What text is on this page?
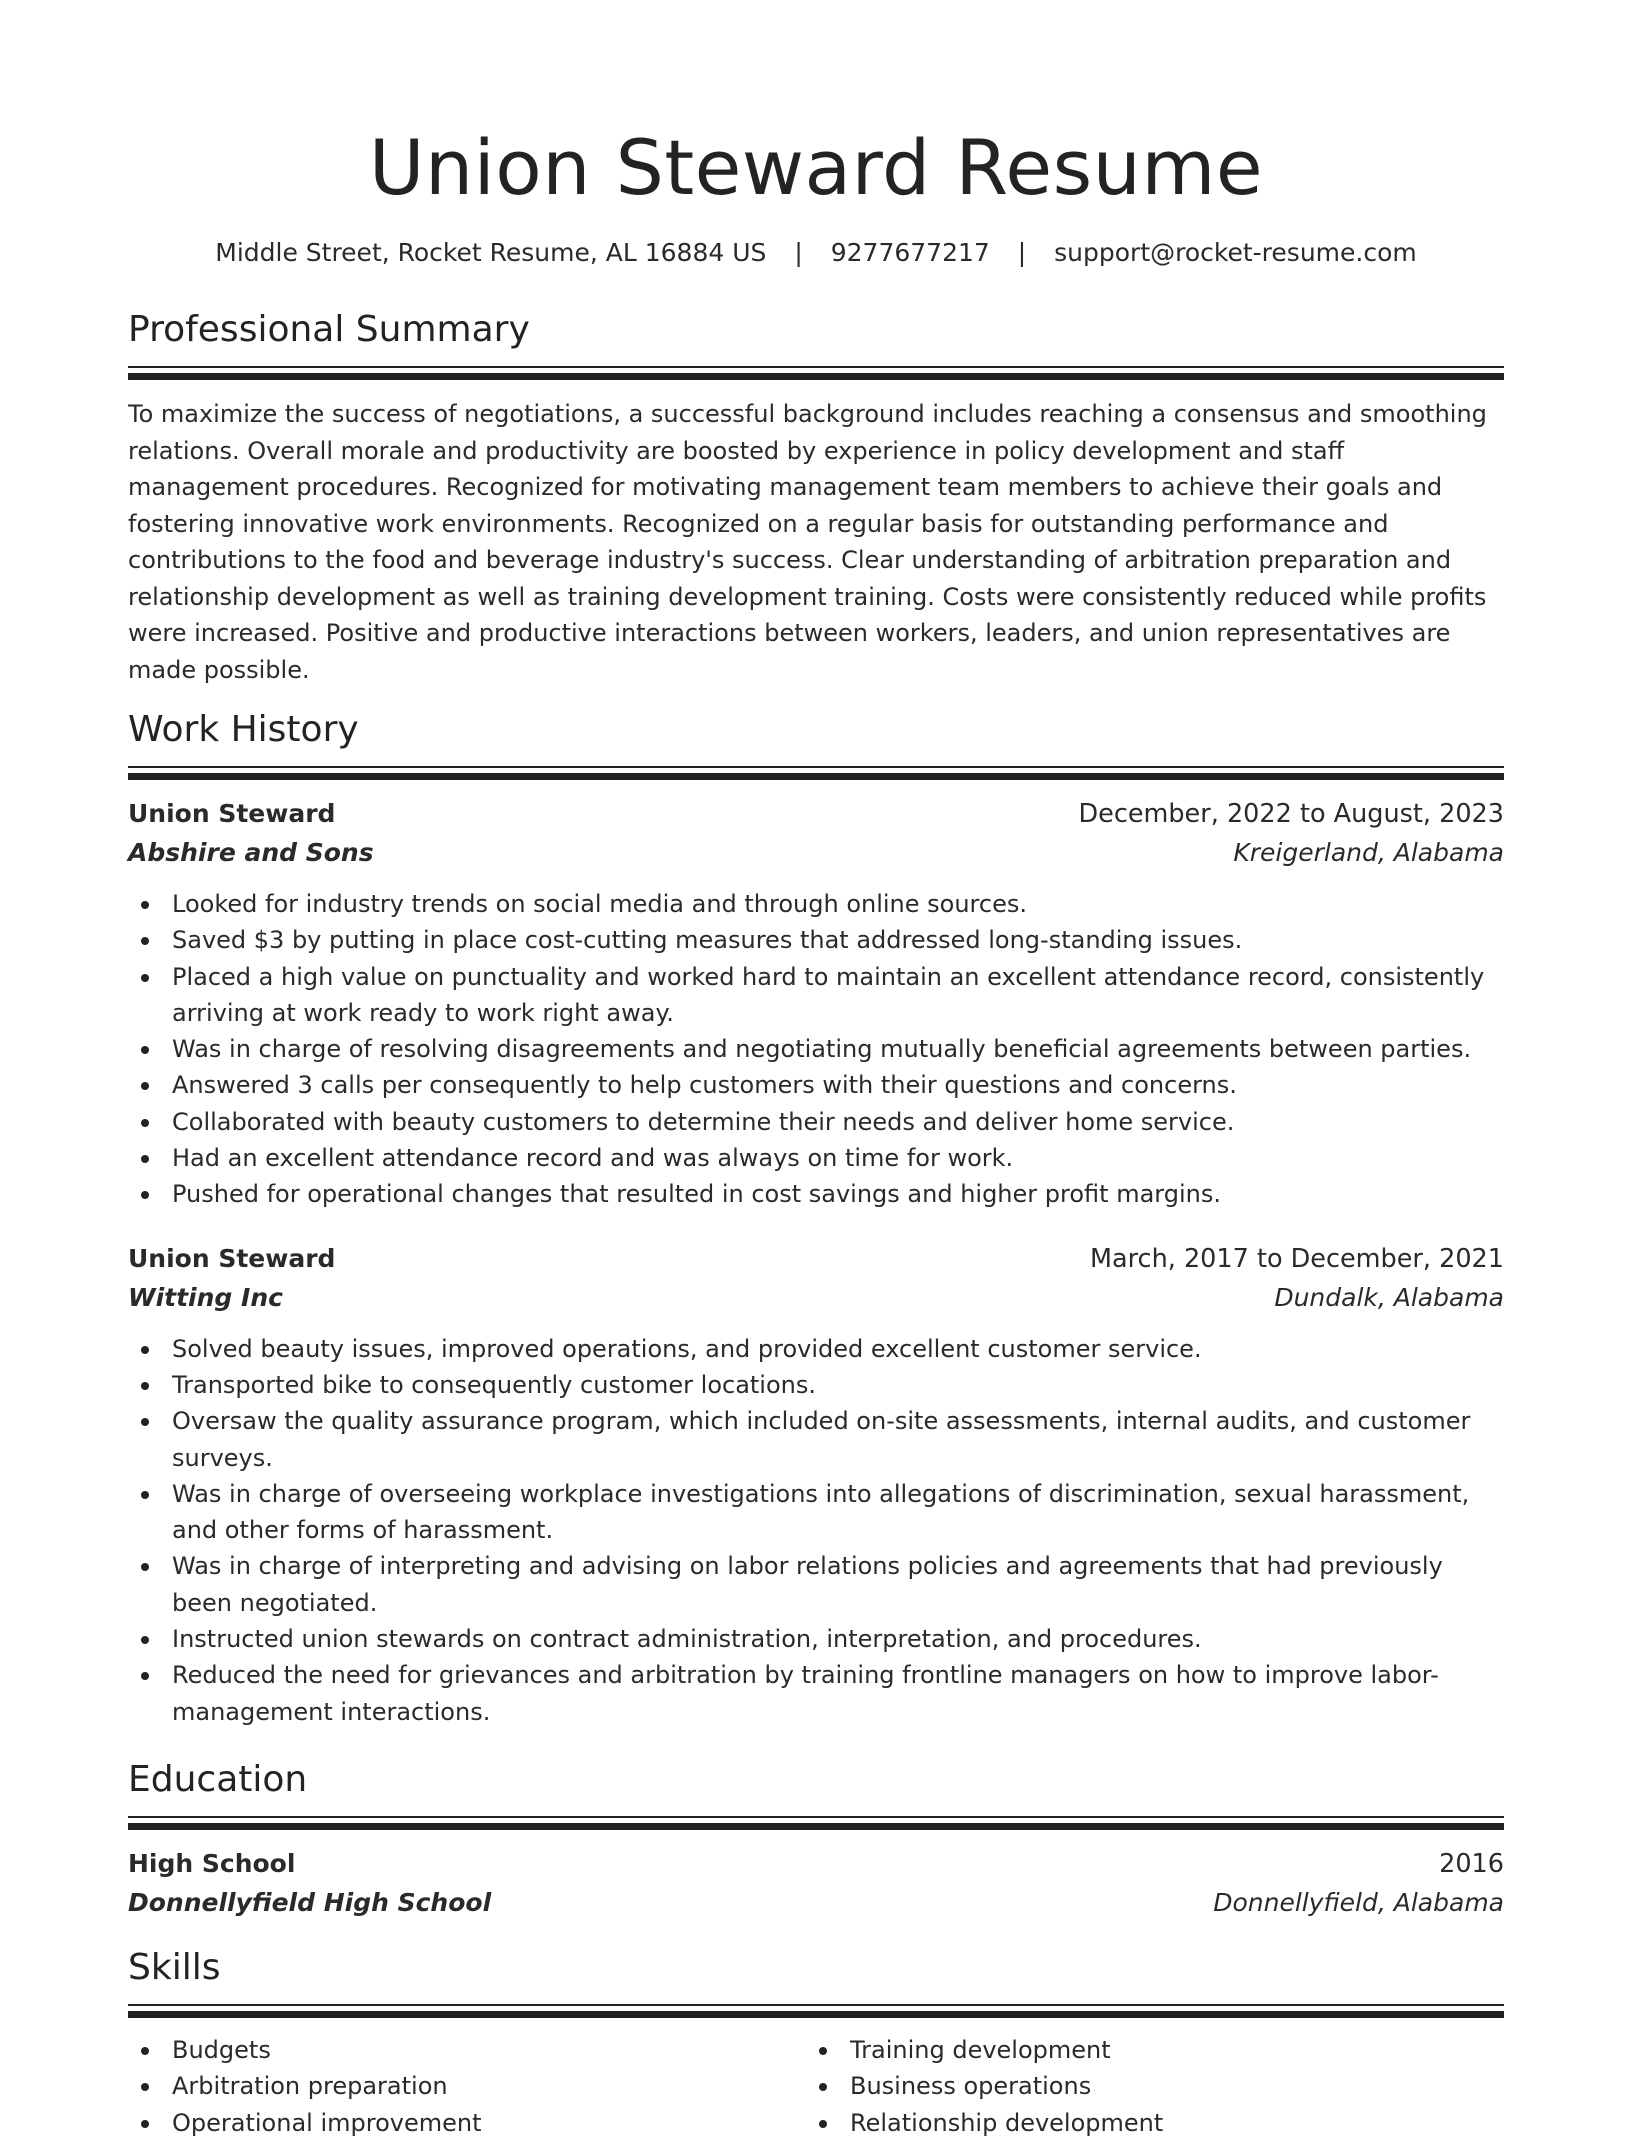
Union Steward Resume
Middle Street, Rocket Resume, AL 16884 US | 9277677217 | support@rocket-resume.com
Professional Summary

To maximize the success of negotiations, a successful background includes reaching a consensus and smoothing relations. Overall morale and productivity are boosted by experience in policy development and staff management procedures. Recognized for motivating management team members to achieve their goals and fostering innovative work environments. Recognized on a regular basis for outstanding performance and contributions to the food and beverage industry's success. Clear understanding of arbitration preparation and relationship development as well as training development training. Costs were consistently reduced while profits were increased. Positive and productive interactions between workers, leaders, and union representatives are made possible.

Work History
Union Steward	December, 2022 to August, 2023
Abshire and Sons	Kreigerland, Alabama
Looked for industry trends on social media and through online sources.
Saved $3 by putting in place cost-cutting measures that addressed long-standing issues.
Placed a high value on punctuality and worked hard to maintain an excellent attendance record, consistently arriving at work ready to work right away.
Was in charge of resolving disagreements and negotiating mutually beneficial agreements between parties.
Answered 3 calls per consequently to help customers with their questions and concerns.
Collaborated with beauty customers to determine their needs and deliver home service.
Had an excellent attendance record and was always on time for work.
Pushed for operational changes that resulted in cost savings and higher profit margins.
Union Steward	March, 2017 to December, 2021
Witting Inc	Dundalk, Alabama
Solved beauty issues, improved operations, and provided excellent customer service.
Transported bike to consequently customer locations.
Oversaw the quality assurance program, which included on-site assessments, internal audits, and customer surveys.
Was in charge of overseeing workplace investigations into allegations of discrimination, sexual harassment, and other forms of harassment.
Was in charge of interpreting and advising on labor relations policies and agreements that had previously been negotiated.
Instructed union stewards on contract administration, interpretation, and procedures.
Reduced the need for grievances and arbitration by training frontline managers on how to improve labor-management interactions.
Education
High School	2016
Donnellyfield High School	Donnellyfield, Alabama
Skills
Budgets
Arbitration preparation
Operational improvement
Training development
Business operations
Relationship development
